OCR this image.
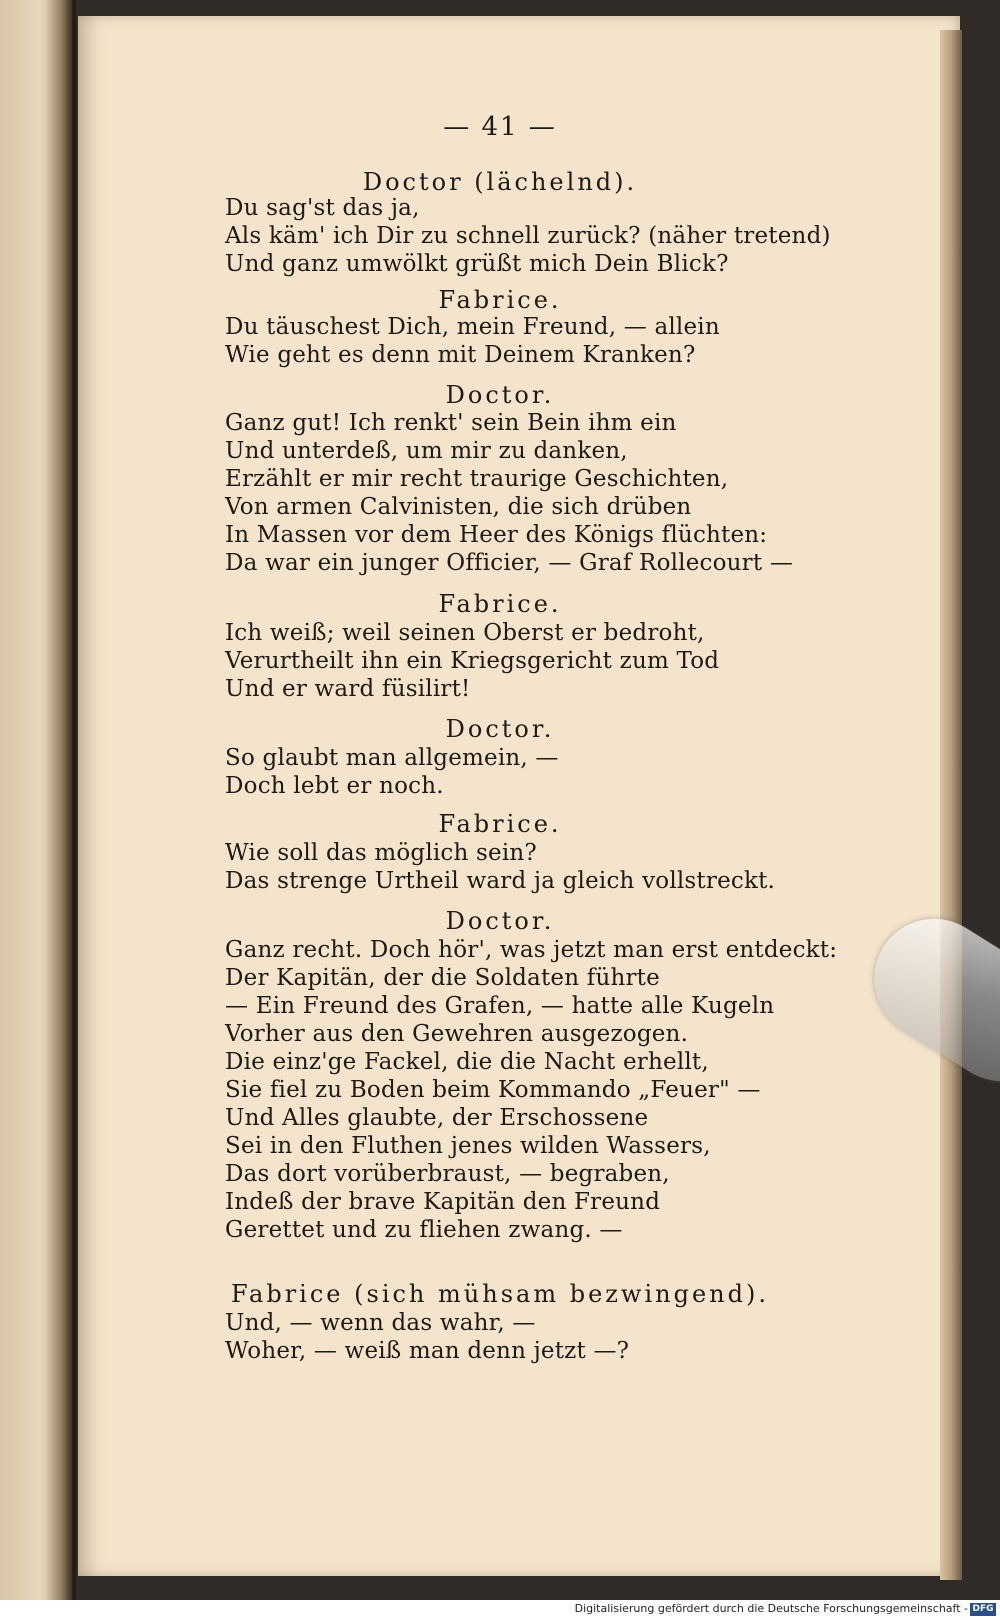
— 41 —
Doctor (lächelnd).
Du sag'st das ja,
Als käm' ich Dir zu schnell zurück? (näher tretend)
Und ganz umwölkt grüßt mich Dein Blick?
Fabrice.
Du täuschest Dich, mein Freund, — allein
Wie geht es denn mit Deinem Kranken?
Doctor.
Ganz gut! Ich renkt' sein Bein ihm ein
Und unterdeß, um mir zu danken,
Erzählt er mir recht traurige Geschichten,
Von armen Calvinisten, die sich drüben
In Massen vor dem Heer des Königs flüchten:
Da war ein junger Officier, — Graf Rollecourt —
Fabrice.
Ich weiß; weil seinen Oberst er bedroht,
Verurtheilt ihn ein Kriegsgericht zum Tod
Und er ward füsilirt!
Doctor.
So glaubt man allgemein, —
Doch lebt er noch.
Fabrice.
Wie soll das möglich sein?
Das strenge Urtheil ward ja gleich vollstreckt.
Doctor.
Ganz recht. Doch hör', was jetzt man erst entdeckt:
Der Kapitän, der die Soldaten führte
— Ein Freund des Grafen, — hatte alle Kugeln
Vorher aus den Gewehren ausgezogen.
Die einz'ge Fackel, die die Nacht erhellt,
Sie fiel zu Boden beim Kommando „Feuer" —
Und Alles glaubte, der Erschossene
Sei in den Fluthen jenes wilden Wassers,
Das dort vorüberbraust, — begraben,
Indeß der brave Kapitän den Freund
Gerettet und zu fliehen zwang. —
Fabrice (sich mühsam bezwingend).
Und, — wenn das wahr, —
Woher, — weiß man denn jetzt —?
Digitalisierung gefördert durch die Deutsche Forschungsgemeinschaft - DFG
